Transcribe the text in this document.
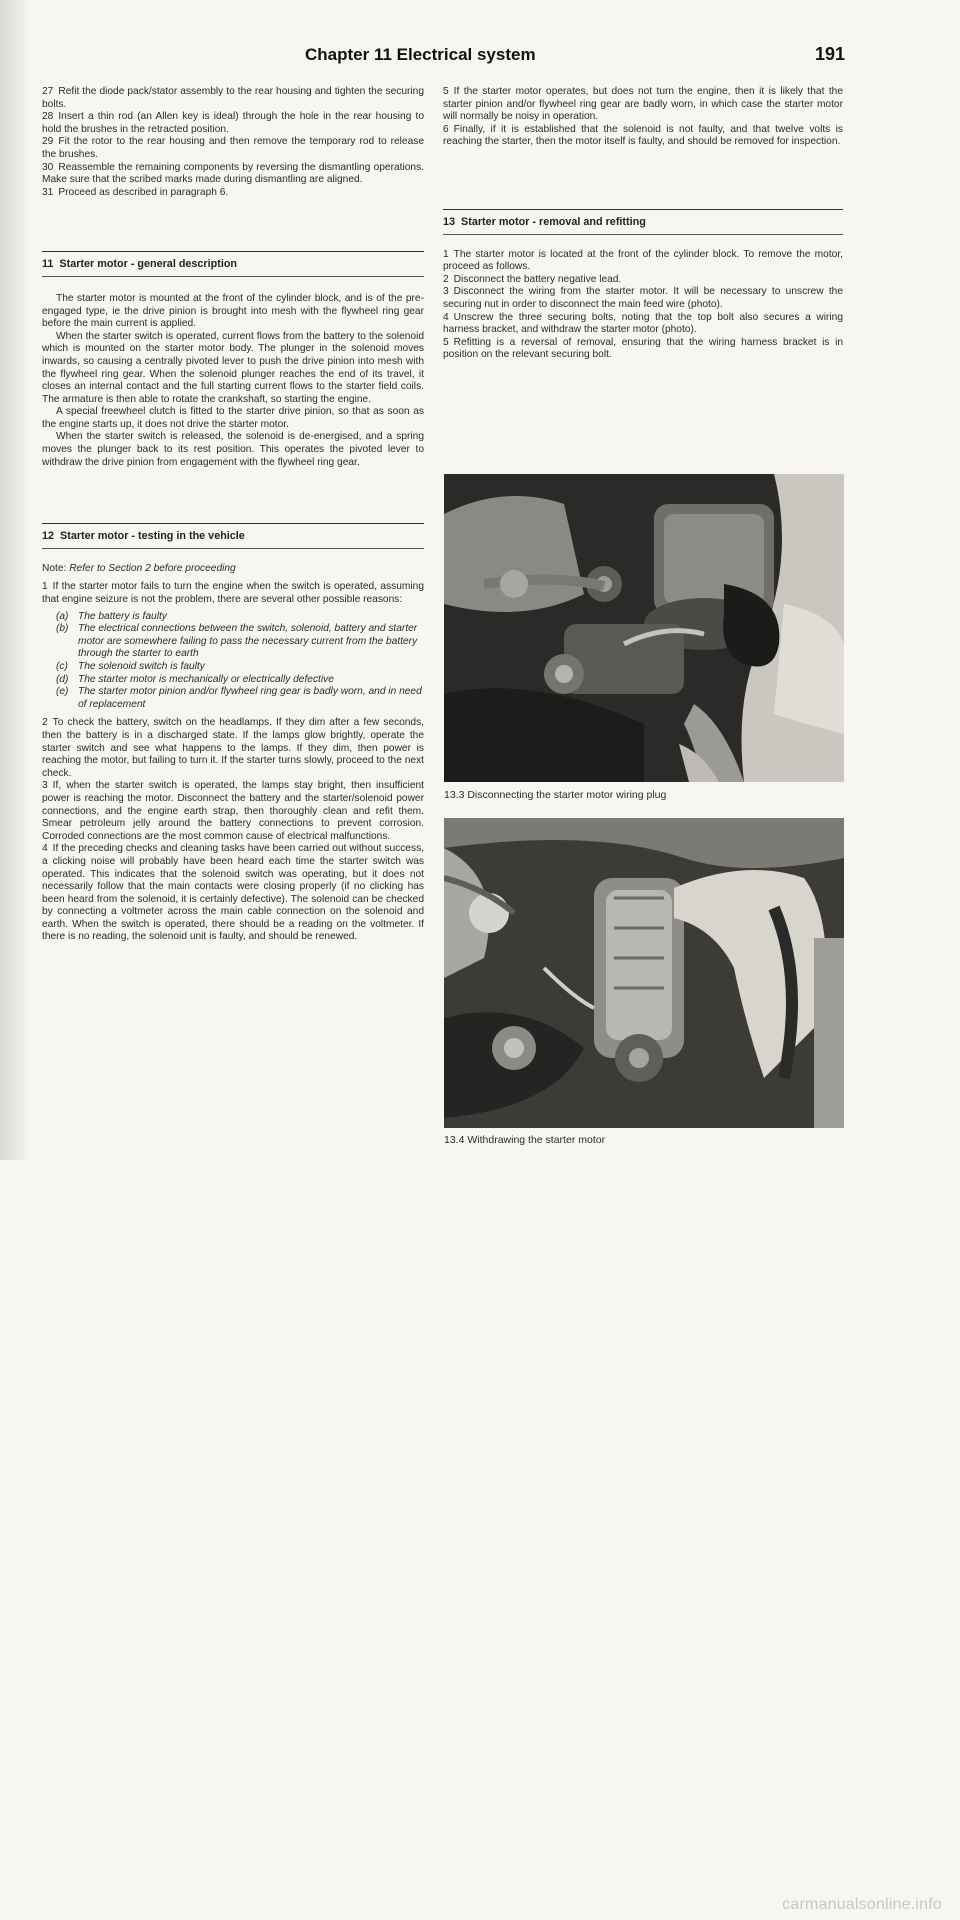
Chapter 11 Electrical system	191

27 Refit the diode pack/stator assembly to the rear housing and tighten the securing bolts.

28 Insert a thin rod (an Allen key is ideal) through the hole in the rear housing to hold the brushes in the retracted position.

29 Fit the rotor to the rear housing and then remove the temporary rod to release the brushes.

30 Reassemble the remaining components by reversing the dismantling operations. Make sure that the scribed marks made during dismantling are aligned.

31 Proceed as described in paragraph 6.

11 Starter motor - general description

The starter motor is mounted at the front of the cylinder block, and is of the pre-engaged type, ie the drive pinion is brought into mesh with the flywheel ring gear before the main current is applied.

When the starter switch is operated, current flows from the battery to the solenoid which is mounted on the starter motor body. The plunger in the solenoid moves inwards, so causing a centrally pivoted lever to push the drive pinion into mesh with the flywheel ring gear. When the solenoid plunger reaches the end of its travel, it closes an internal contact and the full starting current flows to the starter field coils. The armature is then able to rotate the crankshaft, so starting the engine.

A special freewheel clutch is fitted to the starter drive pinion, so that as soon as the engine starts up, it does not drive the starter motor.

When the starter switch is released, the solenoid is de-energised, and a spring moves the plunger back to its rest position. This operates the pivoted lever to withdraw the drive pinion from engagement with the flywheel ring gear.

12 Starter motor - testing in the vehicle

Note: Refer to Section 2 before proceeding

1 If the starter motor fails to turn the engine when the switch is operated, assuming that engine seizure is not the problem, there are several other possible reasons:

(a) The battery is faulty
(b) The electrical connections between the switch, solenoid, battery and starter motor are somewhere failing to pass the necessary current from the battery through the starter to earth
(c) The solenoid switch is faulty
(d) The starter motor is mechanically or electrically defective
(e) The starter motor pinion and/or flywheel ring gear is badly worn, and in need of replacement

2 To check the battery, switch on the headlamps. If they dim after a few seconds, then the battery is in a discharged state. If the lamps glow brightly, operate the starter switch and see what happens to the lamps. If they dim, then power is reaching the motor, but failing to turn it. If the starter turns slowly, proceed to the next check.

3 If, when the starter switch is operated, the lamps stay bright, then insufficient power is reaching the motor. Disconnect the battery and the starter/solenoid power connections, and the engine earth strap, then thoroughly clean and refit them. Smear petroleum jelly around the battery connections to prevent corrosion. Corroded connections are the most common cause of electrical malfunctions.

4 If the preceding checks and cleaning tasks have been carried out without success, a clicking noise will probably have been heard each time the starter switch was operated. This indicates that the solenoid switch was operating, but it does not necessarily follow that the main contacts were closing properly (if no clicking has been heard from the solenoid, it is certainly defective). The solenoid can be checked by connecting a voltmeter across the main cable connection on the solenoid and earth. When the switch is operated, there should be a reading on the voltmeter. If there is no reading, the solenoid unit is faulty, and should be renewed.

5 If the starter motor operates, but does not turn the engine, then it is likely that the starter pinion and/or flywheel ring gear are badly worn, in which case the starter motor will normally be noisy in operation.

6 Finally, if it is established that the solenoid is not faulty, and that twelve volts is reaching the starter, then the motor itself is faulty, and should be removed for inspection.

13 Starter motor - removal and refitting

1 The starter motor is located at the front of the cylinder block. To remove the motor, proceed as follows.

2 Disconnect the battery negative lead.

3 Disconnect the wiring from the starter motor. It will be necessary to unscrew the securing nut in order to disconnect the main feed wire (photo).

4 Unscrew the three securing bolts, noting that the top bolt also secures a wiring harness bracket, and withdraw the starter motor (photo).

5 Refitting is a reversal of removal, ensuring that the wiring harness bracket is in position on the relevant securing bolt.

13.3 Disconnecting the starter motor wiring plug
13.4 Withdrawing the starter motor
carmanualsonline.info
